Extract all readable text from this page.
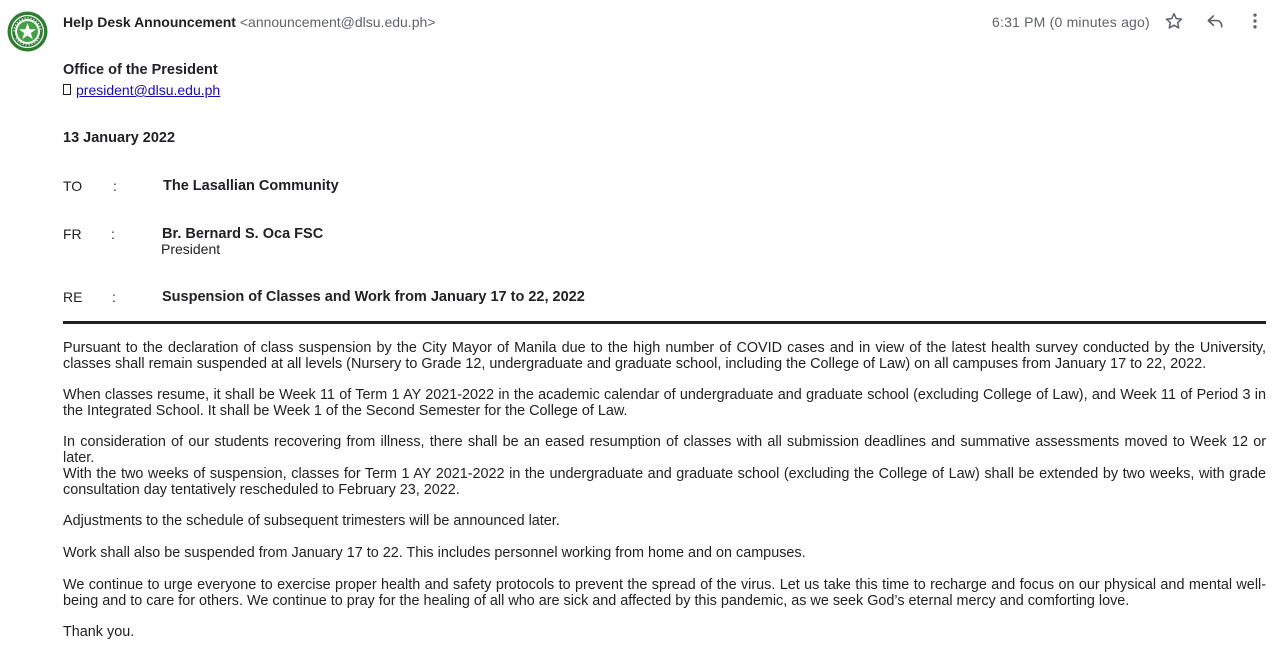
Help Desk Announcement <announcement@dlsu.edu.ph>	6:31 PM (0 minutes ago)
Office of the President
president@dlsu.edu.ph
13 January 2022
TO :	The Lasallian Community
FR :	Br. Bernard S. Oca FSC
President
RE :	Suspension of Classes and Work from January 17 to 22, 2022

Pursuant to the declaration of class suspension by the City Mayor of Manila due to the high number of COVID cases and in view of the latest health survey conducted by the University, classes shall remain suspended at all levels (Nursery to Grade 12, undergraduate and graduate school, including the College of Law) on all campuses from January 17 to 22, 2022.

When classes resume, it shall be Week 11 of Term 1 AY 2021-2022 in the academic calendar of undergraduate and graduate school (excluding College of Law), and Week 11 of Period 3 in the Integrated School. It shall be Week 1 of the Second Semester for the College of Law.

In consideration of our students recovering from illness, there shall be an eased resumption of classes with all submission deadlines and summative assessments moved to Week 12 or later.

With the two weeks of suspension, classes for Term 1 AY 2021-2022 in the undergraduate and graduate school (excluding the College of Law) shall be extended by two weeks, with grade consultation day tentatively rescheduled to February 23, 2022.

Adjustments to the schedule of subsequent trimesters will be announced later.

Work shall also be suspended from January 17 to 22. This includes personnel working from home and on campuses.

We continue to urge everyone to exercise proper health and safety protocols to prevent the spread of the virus. Let us take this time to recharge and focus on our physical and mental well-being and to care for others. We continue to pray for the healing of all who are sick and affected by this pandemic, as we seek God’s eternal mercy and comforting love.

Thank you.
